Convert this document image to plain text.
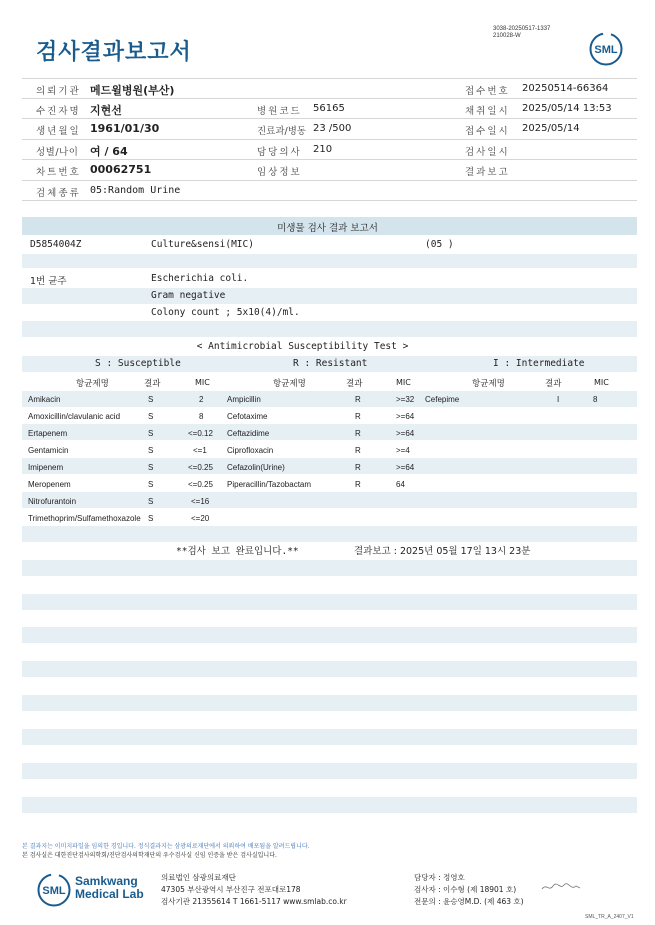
3038-20250517-1337
210028-W
검사결과보고서	SML
의뢰기관 메드윌병원(부산)	접수번호 20250514-66364
수진자명 지현선	병원코드 56165	채취일시 2025/05/14 13:53
생년월일 1961/01/30	진료과/병동 23 /500	접수일시 2025/05/14
성별/나이 여 / 64	담당의사 210	검사일시
차트번호 00062751	임상정보	결과보고
검체종류 05:Random Urine
미생물 검사 결과 보고서
D5854004Z	Culture&sensi(MIC)	(05 )
1번 균주	Escherichia coli.
Gram negative
Colony count ; 5x10(4)/ml.
< Antimicrobial Susceptibility Test >
S : Susceptible	R : Resistant	I : Intermediate
항균제명	결과	MIC	항균제명	결과	MIC	항균제명	결과	MIC
Amikacin	S	2	Ampicillin	R	>=32 Cefepime	I	8
Amoxicillin/clavulanic acid	S	8	Cefotaxime	R	>=64
Ertapenem	S	<=0.12 Ceftazidime	R	>=64
Gentamicin	S	<=1	Ciprofloxacin	R	>=4
Imipenem	S	<=0.25 Cefazolin(Urine)	R	>=64
Meropenem	S	<=0.25 Piperacillin/Tazobactam	R	64
Nitrofurantoin	S	<=16
Trimethoprim/Sulfamethoxazole S	<=20
**검사 보고 완료입니다.**	결과보고 : 2025년 05월 17일 13시 23분
본 결과지는 이미지파일을 임의한 경입니다. 정식결과지는 삼광의료재단에서 의뢰하여 배포됨을 알려드립니다.
본 검사실은 대한진단검사의학회/진단검사의학재단의 우수검사실 신임 인증을 받은 검사실입니다.
SML
Samkwang
Medical Lab
의료법인 삼광의료재단
47305 부산광역시 부산진구 전포대로178
검사기관 21355614 T 1661-5117 www.smlab.co.kr
담당자 : 정영호
검사자 : 이수형 (제 18901 호)
전문의 : 윤승영M.D. (제 463 호)
SML_TR_A_2407_V1
